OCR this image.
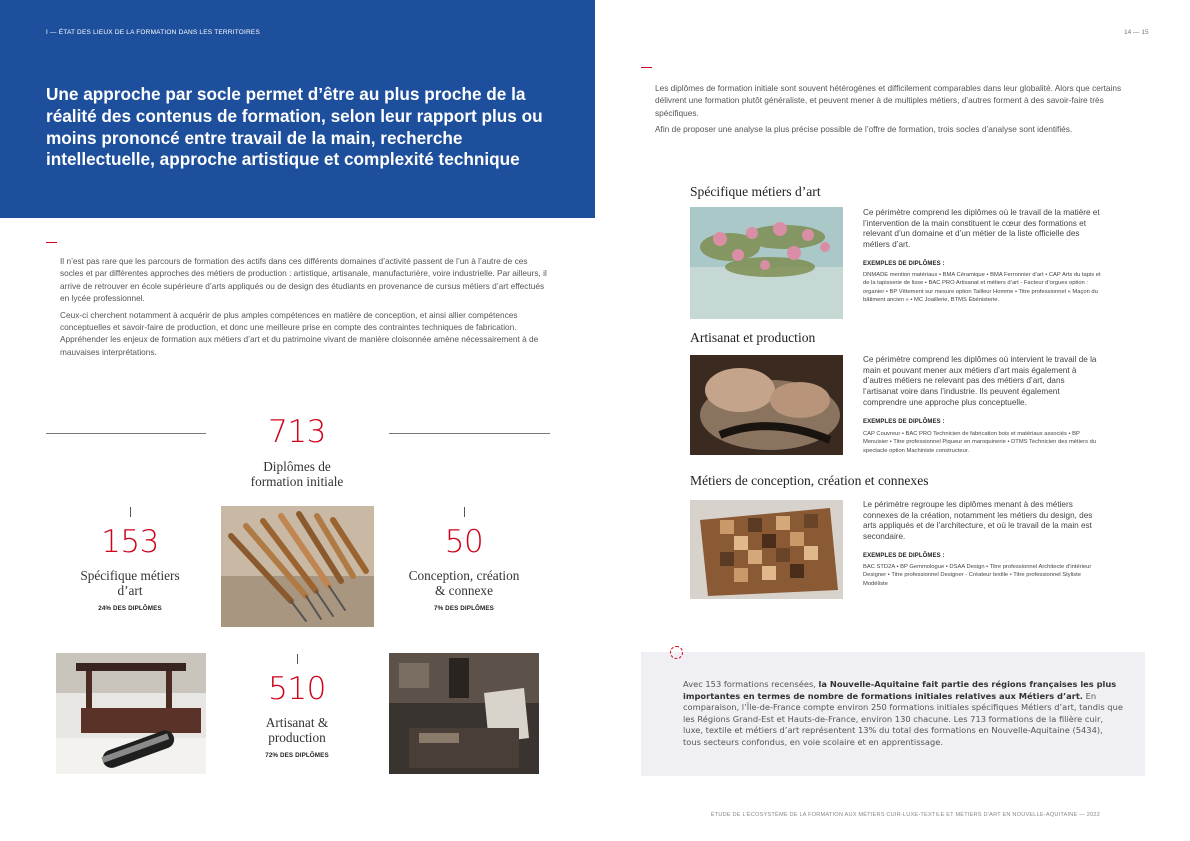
I — ÉTAT DES LIEUX DE LA FORMATION DANS LES TERRITOIRES
Une approche par socle permet d’être au plus proche de la réalité des contenus de formation, selon leur rapport plus ou moins prononcé entre travail de la main, recherche intellectuelle, approche artistique et complexité technique

Il n’est pas rare que les parcours de formation des actifs dans ces différents domaines d’activité passent de l’un à l’autre de ces socles et par différentes approches des métiers de production : artistique, artisanale, manufacturière, voire industrielle. Par ailleurs, il arrive de retrouver en école supérieure d’arts appliqués ou de design des étudiants en provenance de cursus métiers d’art effectués en lycée professionnel.

Ceux-ci cherchent notamment à acquérir de plus amples compétences en matière de conception, et ainsi allier compétences conceptuelles et savoir-faire de production, et donc une meilleure prise en compte des contraintes techniques de fabrication. Appréhender les enjeux de formation aux métiers d’art et du patrimoine vivant de manière cloisonnée amène nécessairement à de mauvaises interprétations.

713
Diplômes de
formation initiale
153
Spécifique métiers
d’art
24% DES DIPLÔMES
50
Conception, création
& connexe
7% DES DIPLÔMES
510
Artisanat &
production
72% DES DIPLÔMES
14 — 15

Les diplômes de formation initiale sont souvent hétérogènes et difficilement comparables dans leur globalité. Alors que certains délivrent une formation plutôt généraliste, et peuvent mener à de multiples métiers, d’autres forment à des savoir-faire très spécifiques.

Afin de proposer une analyse la plus précise possible de l’offre de formation, trois socles d’analyse sont identifiés.

Spécifique métiers d’art
Ce périmètre comprend les diplômes où le travail de la matière et l’intervention de la main constituent le cœur des formations et relevant d’un domaine et d’un métier de la liste officielle des métiers d’art.
EXEMPLES DE DIPLÔMES :
DNMADE mention matériaux • BMA Céramique • BMA Ferronnier d’art • CAP Arts du tapis et de la tapisserie de lisse • BAC PRO Artisanat et métiers d’art - Facteur d’orgues option : organier • BP Vêtement sur mesure option Tailleur Homme • Titre professionnel « Maçon du bâtiment ancien » • MC Joaillerie, BTMS Ébénisterie.
Artisanat et production
Ce périmètre comprend les diplômes où intervient le travail de la main et pouvant mener aux métiers d’art mais également à d’autres métiers ne relevant pas des métiers d’art, dans l’artisanat voire dans l’industrie. Ils peuvent également comprendre une approche plus conceptuelle.
EXEMPLES DE DIPLÔMES :
CAP Couvreur • BAC PRO Technicien de fabrication bois et matériaux associés • BP Menuisier • Titre professionnel Piqueur en maroquinerie • DTMS Technicien des métiers du spectacle option Machiniste constructeur.
Métiers de conception, création et connexes
Le périmètre regroupe les diplômes menant à des métiers connexes de la création, notamment les métiers du design, des arts appliqués et de l’architecture, et où le travail de la main est secondaire.
EXEMPLES DE DIPLÔMES :
BAC STD2A • BP Gemmologue • DSAA Design • Titre professionnel Architecte d’intérieur Designer • Titre professionnel Designer - Créateur textile • Titre professionnel Styliste Modéliste
Avec 153 formations recensées, la Nouvelle-Aquitaine fait partie des régions françaises les plus importantes en termes de nombre de formations initiales relatives aux Métiers d’art. En comparaison, l’Île-de-France compte environ 250 formations initiales spécifiques Métiers d’art, tandis que les Régions Grand-Est et Hauts-de-France, environ 130 chacune. Les 713 formations de la filière cuir, luxe, textile et métiers d’art représentent 13% du total des formations en Nouvelle-Aquitaine (5434), tous secteurs confondus, en voie scolaire et en apprentissage.
ÉTUDE DE L’ÉCOSYSTÈME DE LA FORMATION AUX MÉTIERS CUIR-LUXE-TEXTILE ET MÉTIERS D’ART EN NOUVELLE-AQUITAINE — 2022
